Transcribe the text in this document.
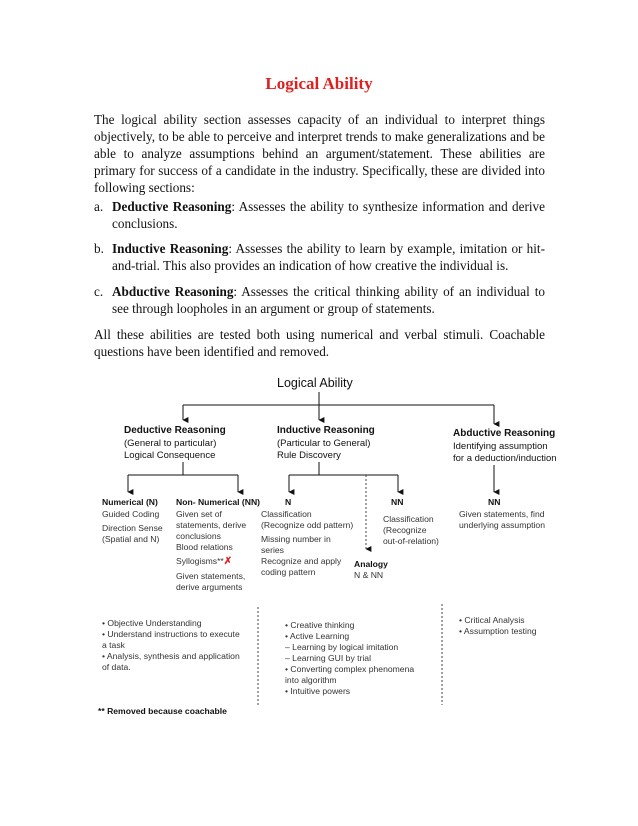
Logical Ability
The logical ability section assesses capacity of an individual to interpret things objectively, to be able to perceive and interpret trends to make generalizations and be able to analyze assumptions behind an argument/statement. These abilities are primary for success of a candidate in the industry. Specifically, these are divided into following sections:
a. Deductive Reasoning: Assesses the ability to synthesize information and derive conclusions.
b. Inductive Reasoning: Assesses the ability to learn by example, imitation or hit-and-trial. This also provides an indication of how creative the individual is.
c. Abductive Reasoning: Assesses the critical thinking ability of an individual to see through loopholes in an argument or group of statements.
All these abilities are tested both using numerical and verbal stimuli. Coachable questions have been identified and removed.
Logical Ability
Deductive Reasoning
(General to particular)
Logical Consequence
Inductive Reasoning
(Particular to General)
Rule Discovery
Abductive Reasoning
Identifying assumption
for a deduction/induction
Numerical (N)
Guided Coding
Direction Sense
(Spatial and N)
Non- Numerical (NN)
Given set of
statements, derive
conclusions
Blood relations
Syllogisms**✗
Given statements,
derive arguments
N
Classification
(Recognize odd pattern)
Missing number in
series
Recognize and apply
coding pattern
NN
Classification
(Recognize
out-of-relation)
Analogy
N & NN
NN
Given statements, find
underlying assumption
• Objective Understanding
• Understand instructions to execute
a task
• Analysis, synthesis and application
of data.
• Creative thinking
• Active Learning
– Learning by logical imitation
– Learning GUI by trial
• Converting complex phenomena
into algorithm
• Intuitive powers
• Critical Analysis
• Assumption testing
** Removed because coachable
